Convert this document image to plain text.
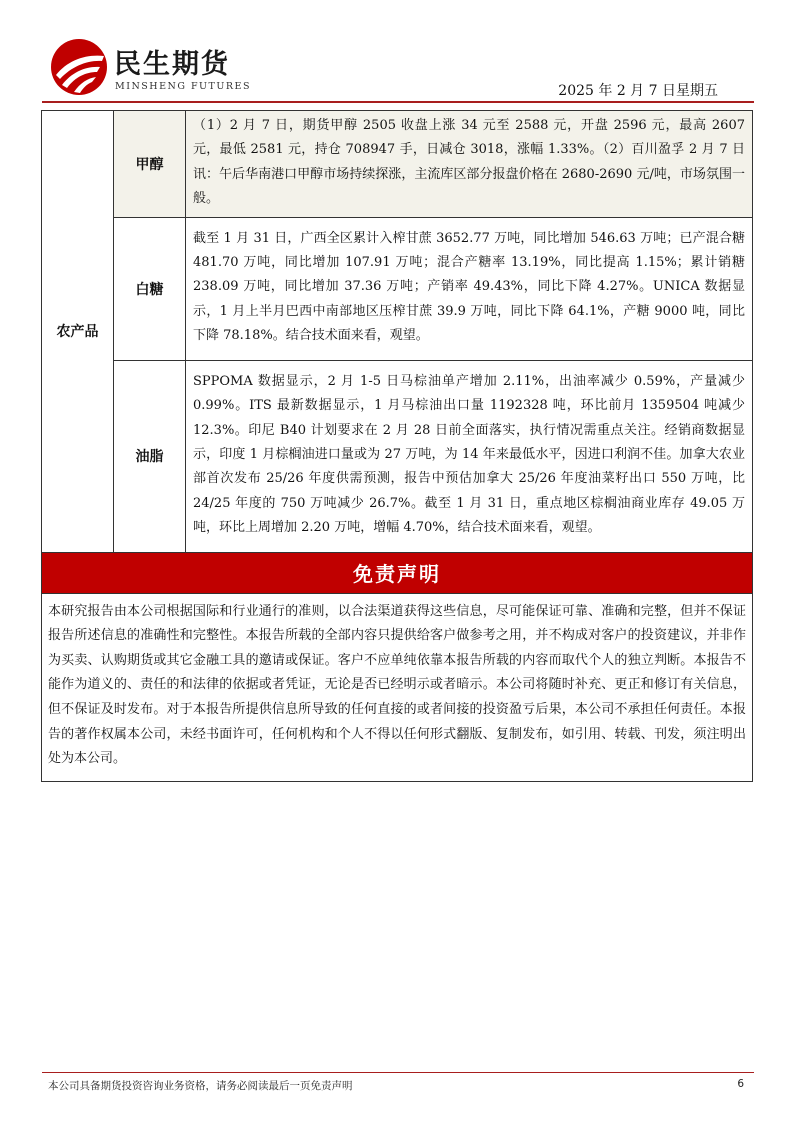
民生期货
MINSHENG FUTURES	2025 年 2 月 7 日星期五
农产品	甲醇	（1）2 月 7 日，期货甲醇 2505 收盘上涨 34 元至 2588 元，开盘 2596 元，最高 2607 元，最低 2581 元，持仓 708947 手，日减仓 3018，涨幅 1.33%。（2）百川盈孚 2 月 7 日讯：午后华南港口甲醇市场持续探涨，主流库区部分报盘价格在 2680-2690 元/吨，市场氛围一般。
	白糖	截至 1 月 31 日，广西全区累计入榨甘蔗 3652.77 万吨，同比增加 546.63 万吨；已产混合糖 481.70 万吨，同比增加 107.91 万吨；混合产糖率 13.19%，同比提高 1.15%；累计销糖 238.09 万吨，同比增加 37.36 万吨；产销率 49.43%，同比下降 4.27%。UNICA 数据显示，1 月上半月巴西中南部地区压榨甘蔗 39.9 万吨，同比下降 64.1%，产糖 9000 吨，同比下降 78.18%。结合技术面来看，观望。
	油脂	SPPOMA 数据显示，2 月 1-5 日马棕油单产增加 2.11%，出油率减少 0.59%，产量减少 0.99%。ITS 最新数据显示，1 月马棕油出口量 1192328 吨，环比前月 1359504 吨减少 12.3%。印尼 B40 计划要求在 2 月 28 日前全面落实，执行情况需重点关注。经销商数据显示，印度 1 月棕榈油进口量或为 27 万吨，为 14 年来最低水平，因进口利润不佳。加拿大农业部首次发布 25/26 年度供需预测，报告中预估加拿大 25/26 年度油菜籽出口 550 万吨，比 24/25 年度的 750 万吨减少 26.7%。截至 1 月 31 日，重点地区棕榈油商业库存 49.05 万吨，环比上周增加 2.20 万吨，增幅 4.70%，结合技术面来看，观望。
免责声明		
本研究报告由本公司根据国际和行业通行的准则，以合法渠道获得这些信息，尽可能保证可靠、准确和完整，但并不保证报告所述信息的准确性和完整性。本报告所载的全部内容只提供给客户做参考之用，并不构成对客户的投资建议，并非作为买卖、认购期货或其它金融工具的邀请或保证。客户不应单纯依靠本报告所载的内容而取代个人的独立判断。本报告不能作为道义的、责任的和法律的依据或者凭证，无论是否已经明示或者暗示。本公司将随时补充、更正和修订有关信息，但不保证及时发布。对于本报告所提供信息所导致的任何直接的或者间接的投资盈亏后果，本公司不承担任何责任。本报告的著作权属本公司，未经书面许可，任何机构和个人不得以任何形式翻版、复制发布，如引用、转载、刊发，须注明出处为本公司。		
本公司具备期货投资咨询业务资格，请务必阅读最后一页免责声明	6
